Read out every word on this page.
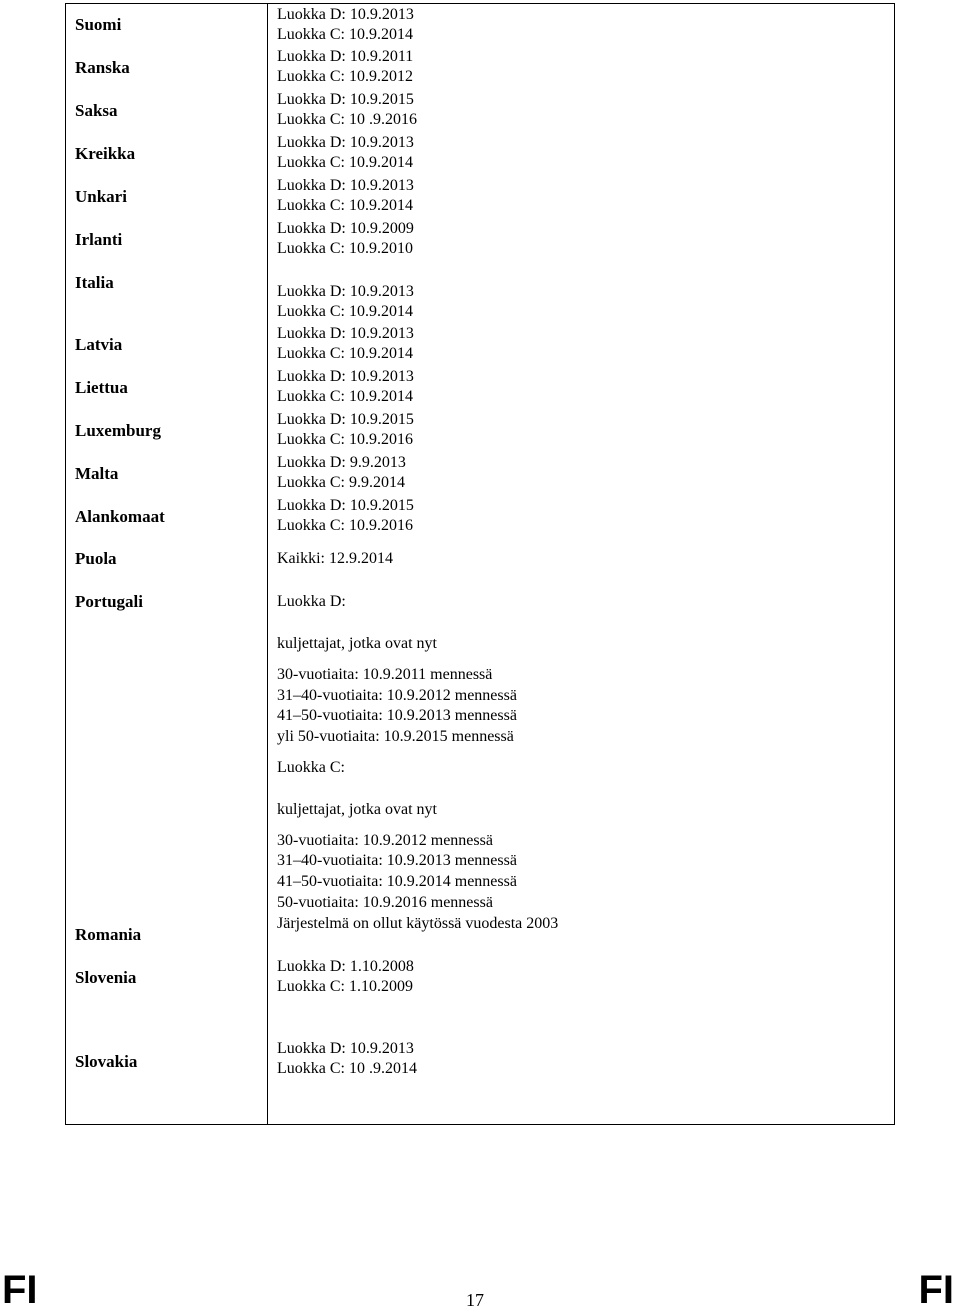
Suomi
Ranska
Saksa
Kreikka
Unkari
Irlanti
Italia
Latvia
Liettua
Luxemburg
Malta
Alankomaat
Puola
Portugali
Romania
Slovenia
Slovakia
Luokka D: 10.9.2013
Luokka C: 10.9.2014
Luokka D: 10.9.2011
Luokka C: 10.9.2012
Luokka D: 10.9.2015
Luokka C: 10 .9.2016
Luokka D: 10.9.2013
Luokka C: 10.9.2014
Luokka D: 10.9.2013
Luokka C: 10.9.2014
Luokka D: 10.9.2009
Luokka C: 10.9.2010
Luokka D: 10.9.2013
Luokka C: 10.9.2014
Luokka D: 10.9.2013
Luokka C: 10.9.2014
Luokka D: 10.9.2013
Luokka C: 10.9.2014
Luokka D: 10.9.2015
Luokka C: 10.9.2016
Luokka D: 9.9.2013
Luokka C: 9.9.2014
Luokka D: 10.9.2015
Luokka C: 10.9.2016
Kaikki: 12.9.2014
Luokka D:
kuljettajat, jotka ovat nyt
30-vuotiaita: 10.9.2011 mennessä
31–40-vuotiaita: 10.9.2012 mennessä
41–50-vuotiaita: 10.9.2013 mennessä
yli 50-vuotiaita: 10.9.2015 mennessä
Luokka C:
kuljettajat, jotka ovat nyt
30-vuotiaita: 10.9.2012 mennessä
31–40-vuotiaita: 10.9.2013 mennessä
41–50-vuotiaita: 10.9.2014 mennessä
50-vuotiaita: 10.9.2016 mennessä
Järjestelmä on ollut käytössä vuodesta 2003
Luokka D: 1.10.2008
Luokka C: 1.10.2009
Luokka D: 10.9.2013
Luokka C: 10 .9.2014
FI	17	FI
